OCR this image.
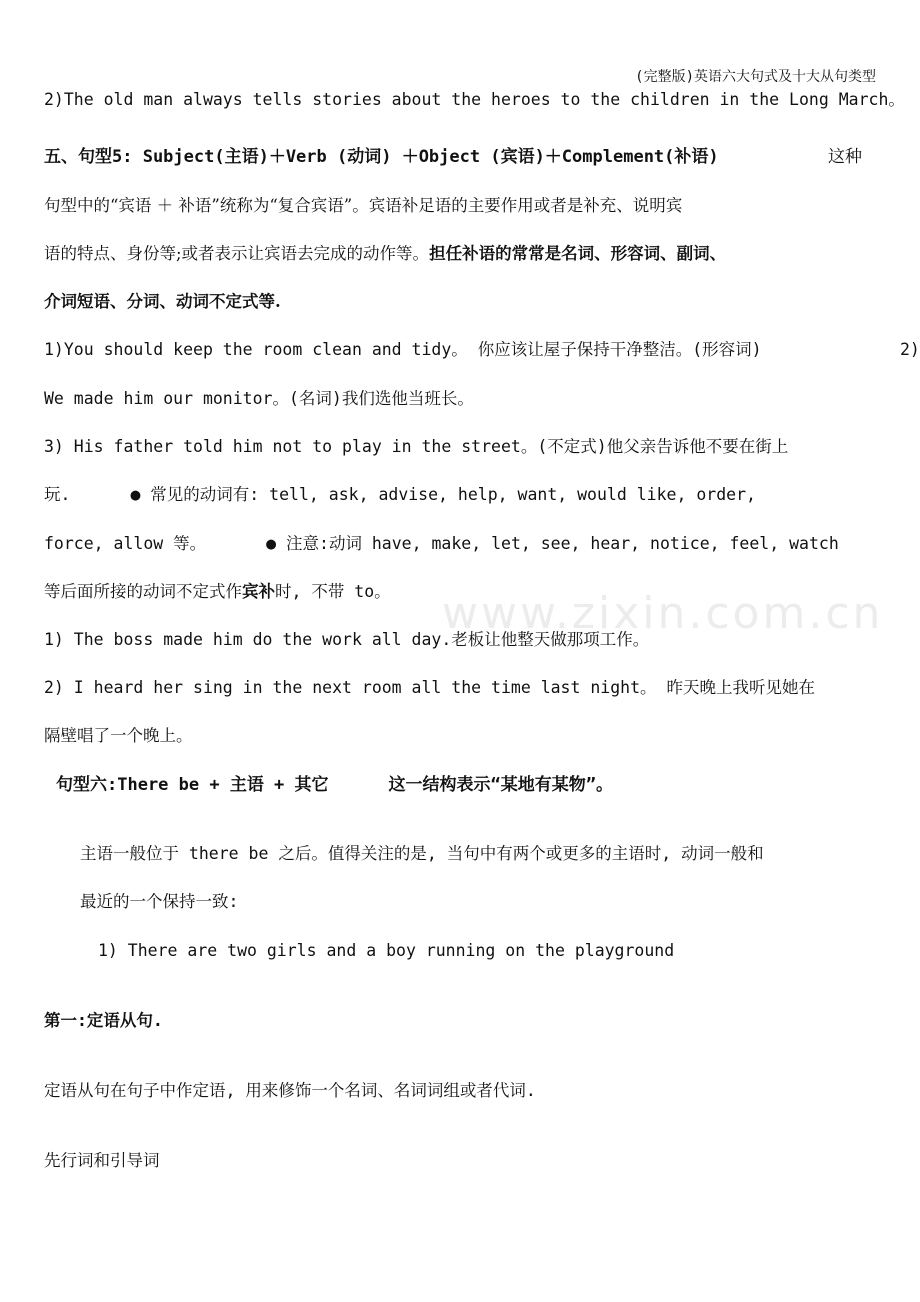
(完整版)英语六大句式及十大从句类型
www.zixin.com.cn
2)The old man always tells stories about the heroes to the children in the Long March。
五、句型5: Subject(主语)＋Verb (动词) ＋Object (宾语)＋Complement(补语)	这种
句型中的“宾语 ＋ 补语”统称为“复合宾语”。宾语补足语的主要作用或者是补充、说明宾
语的特点、身份等;或者表示让宾语去完成的动作等。担任补语的常常是名词、形容词、副词、
介词短语、分词、动词不定式等.
1)You should keep the room clean and tidy。 你应该让屋子保持干净整洁。(形容词)	2)
We made him our monitor。(名词)我们选他当班长。
3) His father told him not to play in the street。(不定式)他父亲告诉他不要在街上
玩.	● 常见的动词有: tell, ask, advise, help, want, would like, order,
force, allow 等。	● 注意:动词 have, make, let, see, hear, notice, feel, watch
等后面所接的动词不定式作宾补时, 不带 to。
1) The boss made him do the work all day.老板让他整天做那项工作。
2) I heard her sing in the next room all the time last night。 昨天晚上我听见她在
隔壁唱了一个晚上。
句型六:There be + 主语 + 其它	这一结构表示“某地有某物”。
主语一般位于 there be 之后。值得关注的是, 当句中有两个或更多的主语时, 动词一般和
最近的一个保持一致:
1) There are two girls and a boy running on the playground
第一:定语从句.
定语从句在句子中作定语, 用来修饰一个名词、名词词组或者代词.
先行词和引导词
